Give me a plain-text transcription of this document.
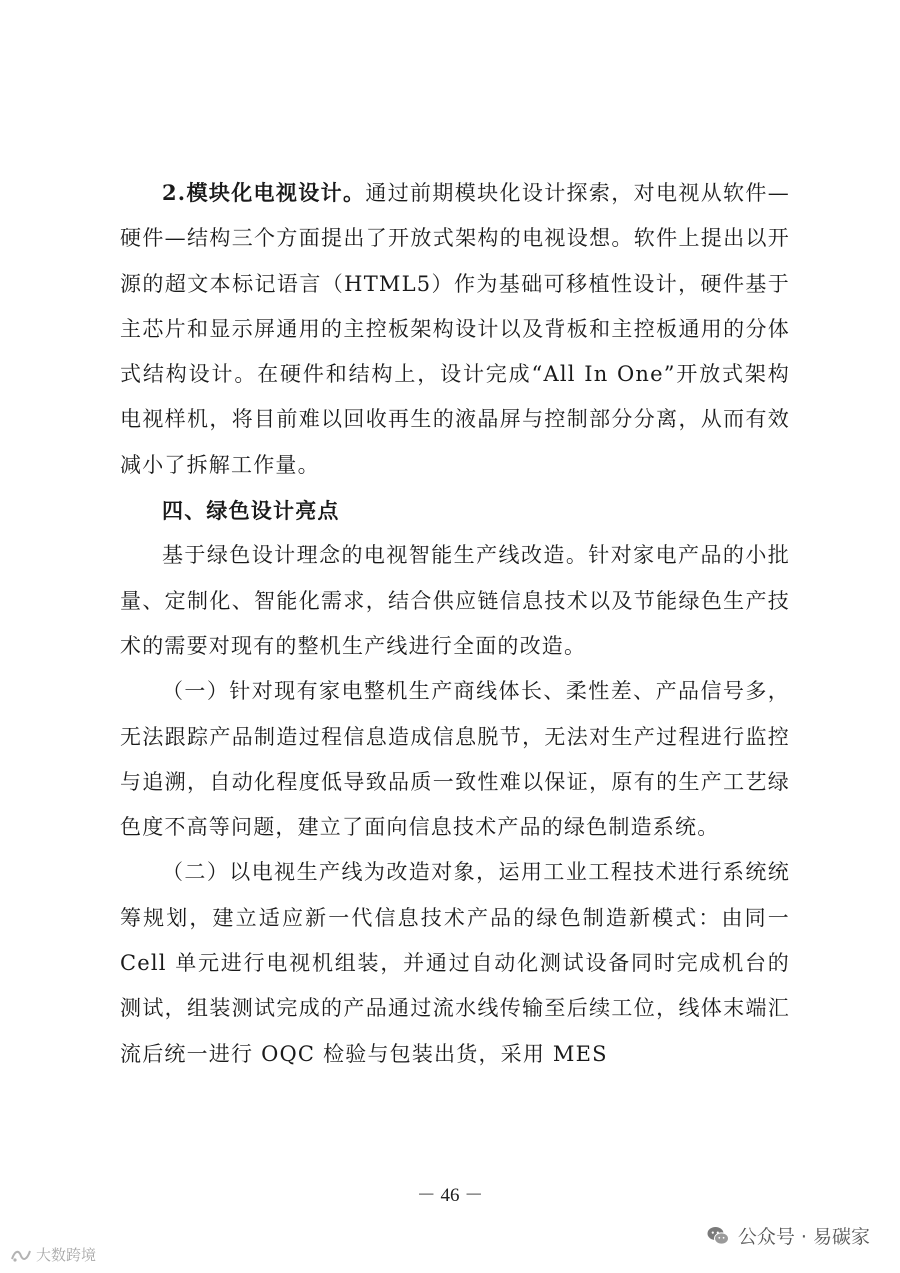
2.模块化电视设计。通过前期模块化设计探索，对电视从软件—硬件—结构三个方面提出了开放式架构的电视设想。软件上提出以开源的超文本标记语言（HTML5）作为基础可移植性设计，硬件基于主芯片和显示屏通用的主控板架构设计以及背板和主控板通用的分体式结构设计。在硬件和结构上，设计完成“All In One”开放式架构电视样机，将目前难以回收再生的液晶屏与控制部分分离，从而有效减小了拆解工作量。

四、绿色设计亮点

基于绿色设计理念的电视智能生产线改造。针对家电产品的小批量、定制化、智能化需求，结合供应链信息技术以及节能绿色生产技术的需要对现有的整机生产线进行全面的改造。

（一）针对现有家电整机生产商线体长、柔性差、产品信号多，无法跟踪产品制造过程信息造成信息脱节，无法对生产过程进行监控与追溯，自动化程度低导致品质一致性难以保证，原有的生产工艺绿色度不高等问题，建立了面向信息技术产品的绿色制造系统。

（二）以电视生产线为改造对象，运用工业工程技术进行系统统筹规划，建立适应新一代信息技术产品的绿色制造新模式：由同一 Cell 单元进行电视机组装，并通过自动化测试设备同时完成机台的测试，组装测试完成的产品通过流水线传输至后续工位，线体末端汇流后统一进行 OQC 检验与包装出货，采用 MES

－ 46 －
大数跨境
公众号 · 易碳家
